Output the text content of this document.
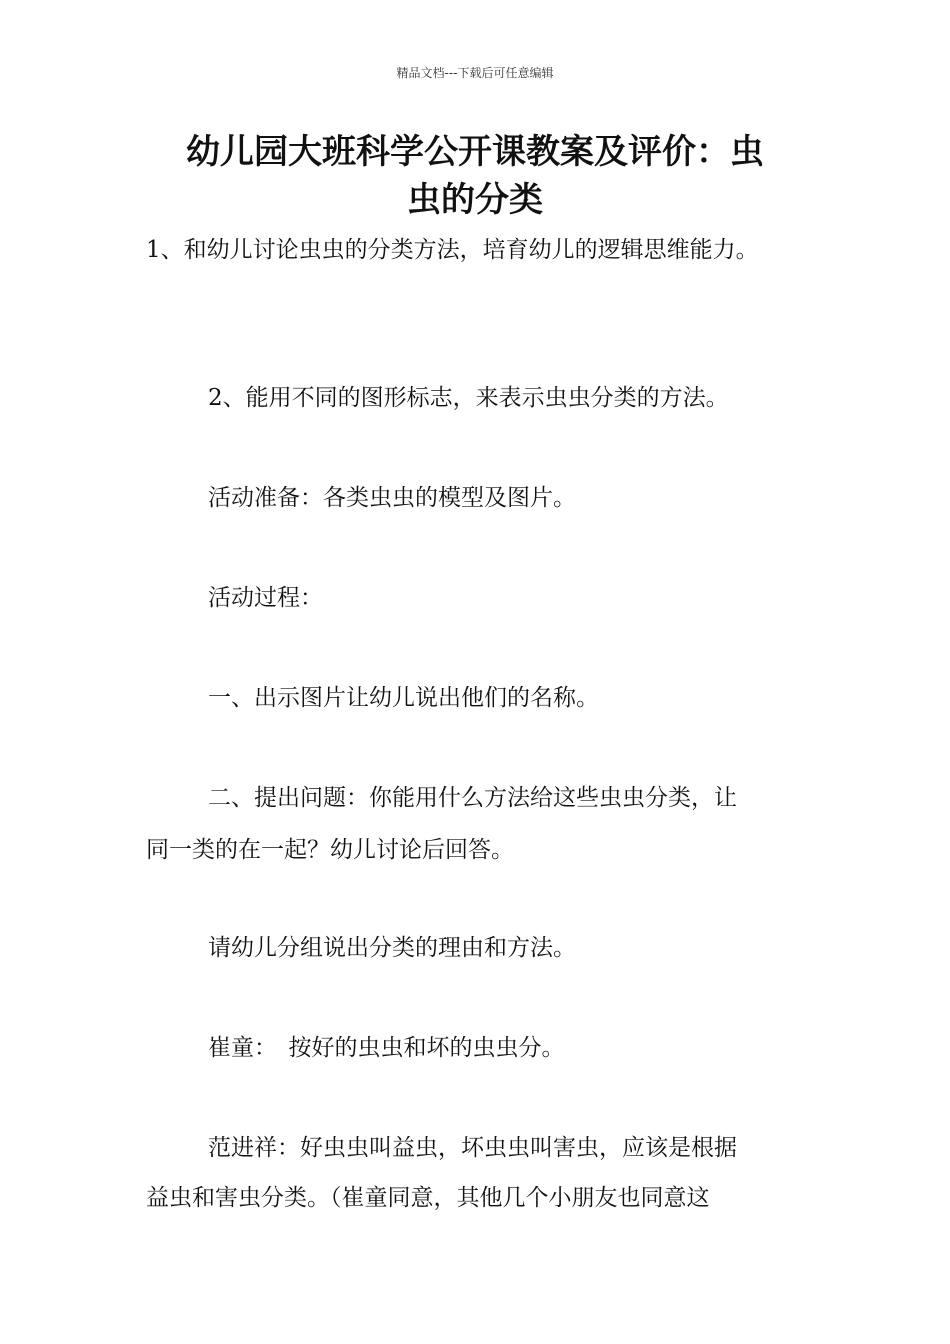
精品文档---下载后可任意编辑
幼儿园大班科学公开课教案及评价：虫
虫的分类
1、和幼儿讨论虫虫的分类方法，培育幼儿的逻辑思维能力。
2、能用不同的图形标志，来表示虫虫分类的方法。
活动准备：各类虫虫的模型及图片。
活动过程：
一、出示图片让幼儿说出他们的名称。
二、提出问题：你能用什么方法给这些虫虫分类，让
同一类的在一起？幼儿讨论后回答。
请幼儿分组说出分类的理由和方法。
崔童：　按好的虫虫和坏的虫虫分。
范进祥：好虫虫叫益虫，坏虫虫叫害虫，应该是根据
益虫和害虫分类。（崔童同意，其他几个小朋友也同意这
